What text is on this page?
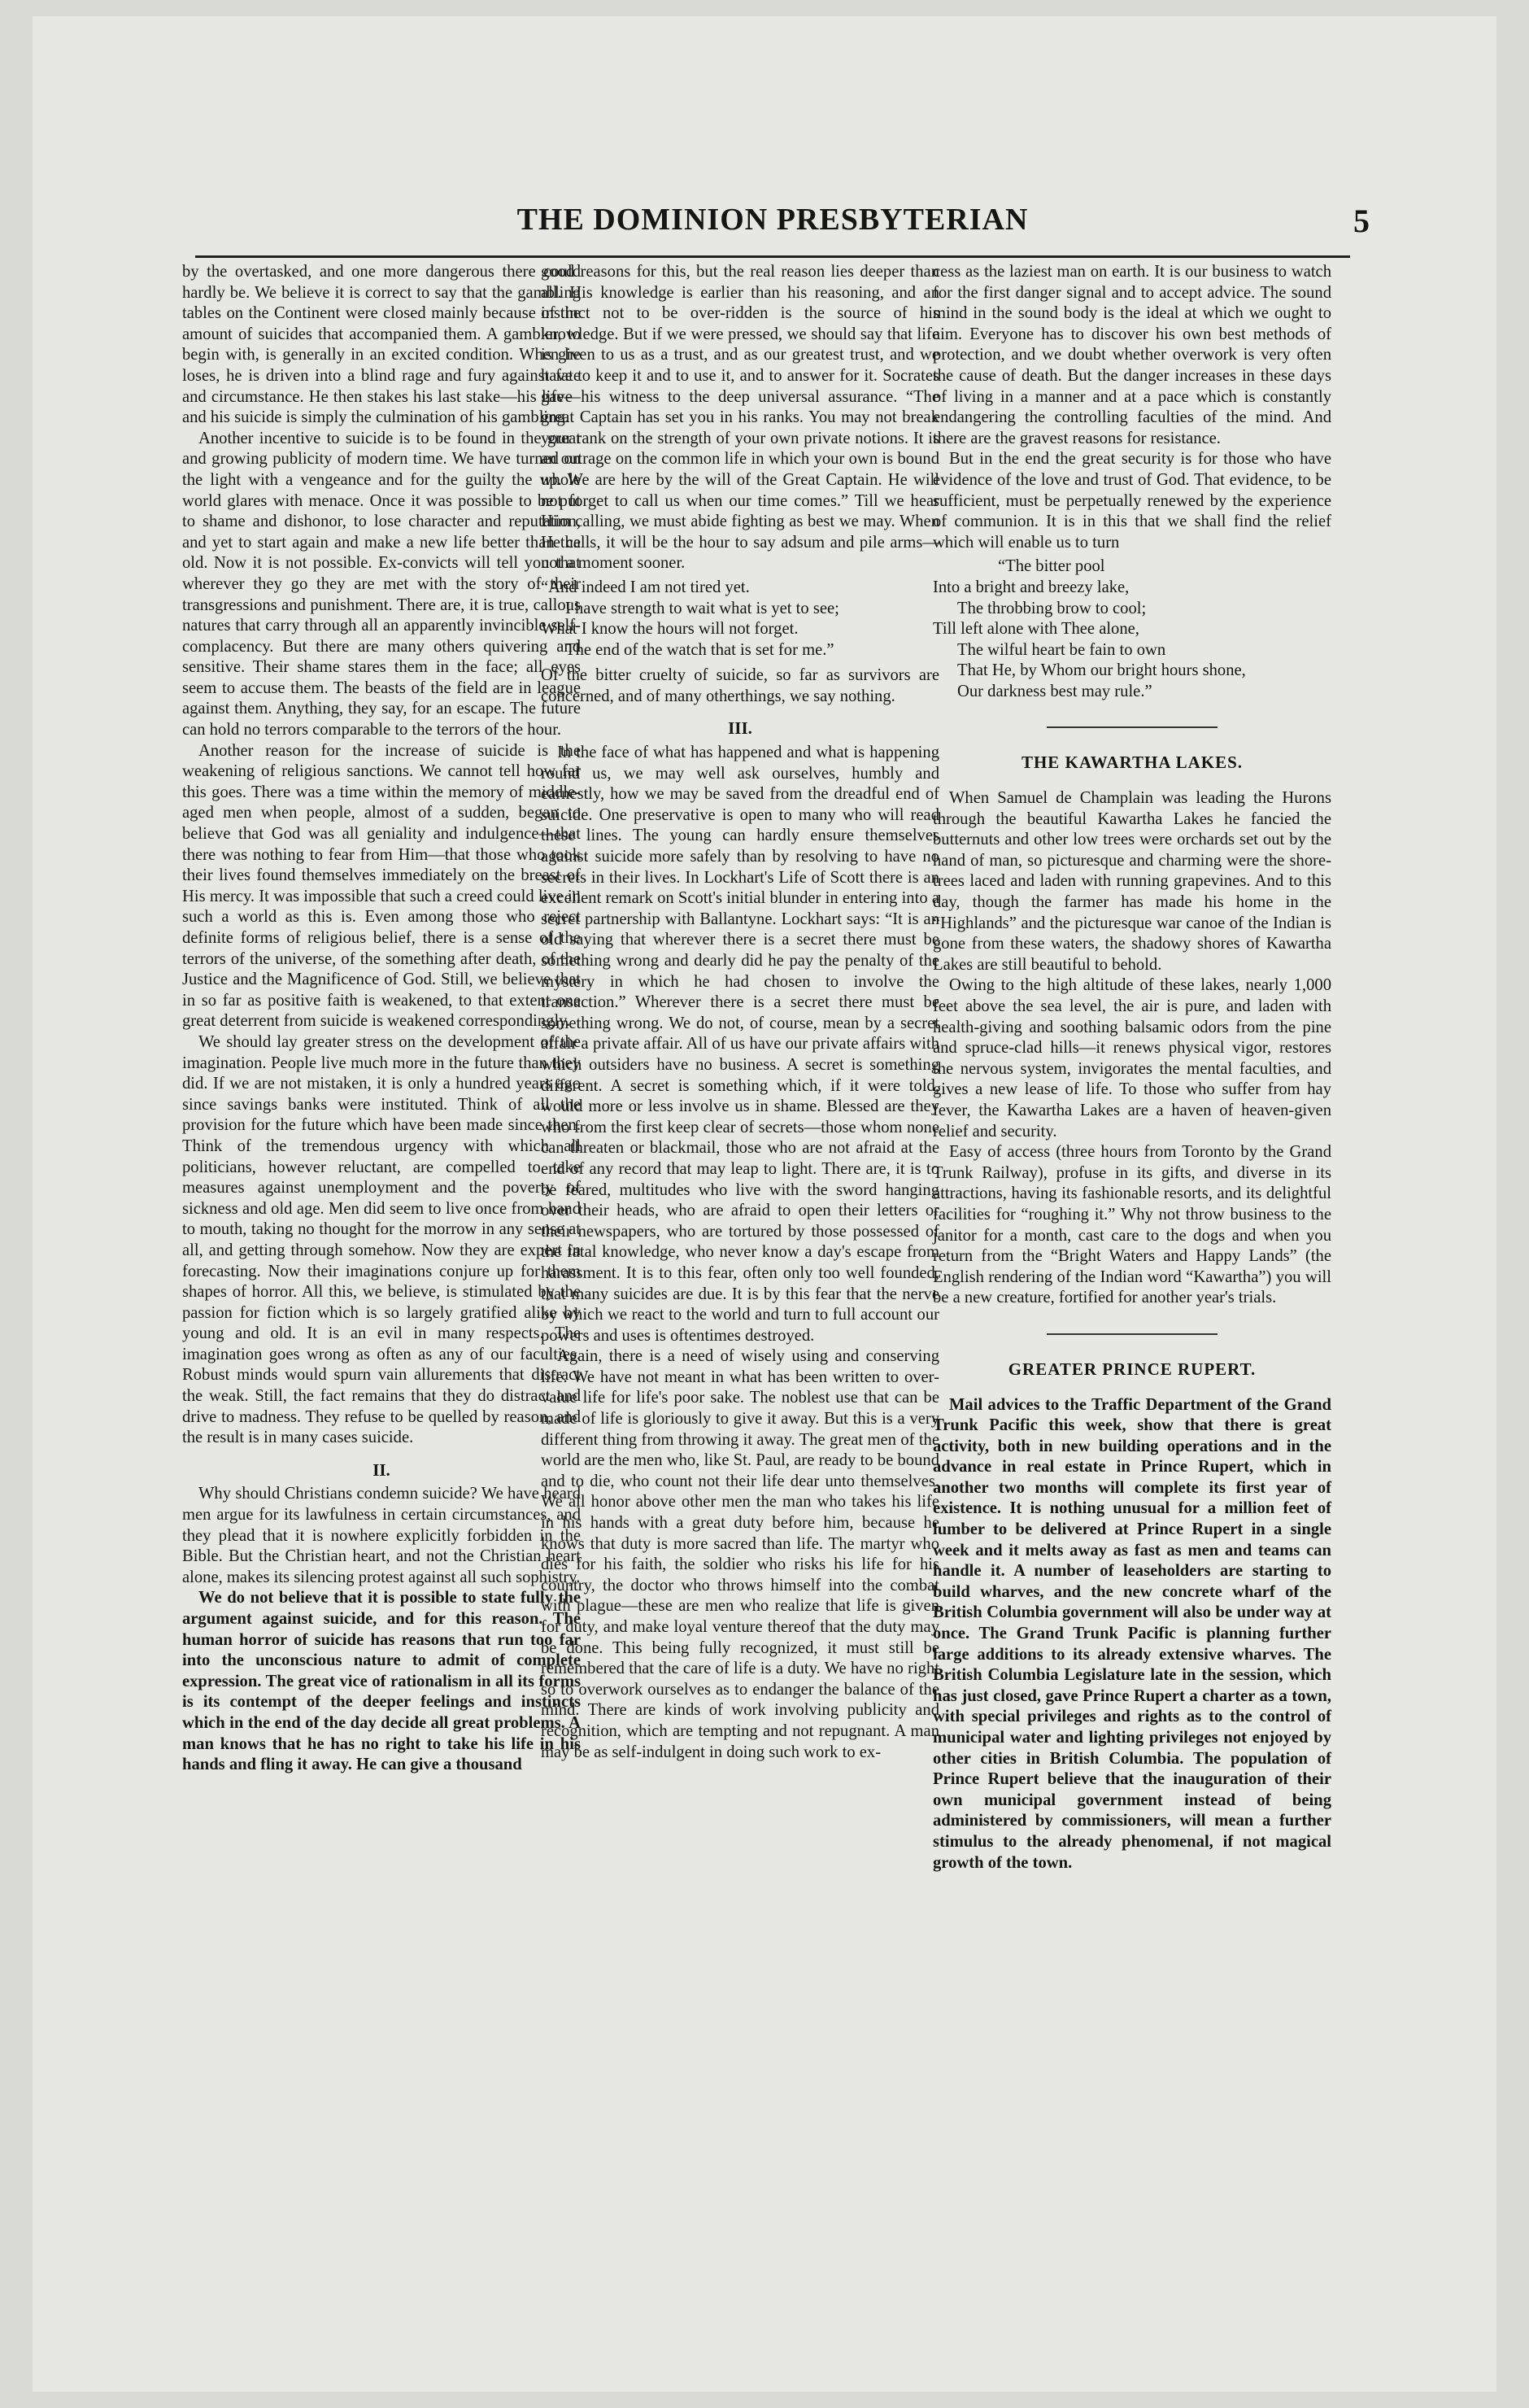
THE DOMINION PRESBYTERIAN	5

by the overtasked, and one more dangerous there could hardly be. We believe it is correct to say that the gambling tables on the Continent were closed mainly because of the amount of suicides that accompanied them. A gambler, to begin with, is generally in an excited condition. When he loses, he is driven into a blind rage and fury against fate and circumstance. He then stakes his last stake—his life—and his suicide is simply the culmination of his gambling.

Another incentive to suicide is to be found in the great and growing publicity of modern time. We have turned on the light with a vengeance and for the guilty the whole world glares with menace. Once it was possible to be put to shame and dishonor, to lose character and reputation, and yet to start again and make a new life better than the old. Now it is not possible. Ex-convicts will tell you that wherever they go they are met with the story of their transgressions and punishment. There are, it is true, callous natures that carry through all an apparently invincible self-complacency. But there are many others quivering and sensitive. Their shame stares them in the face; all eyes seem to accuse them. The beasts of the field are in league against them. Anything, they say, for an escape. The future can hold no terrors comparable to the terrors of the hour.

Another reason for the increase of suicide is the weakening of religious sanctions. We cannot tell how far this goes. There was a time within the memory of middle-aged men when people, almost of a sudden, began to believe that God was all geniality and indulgence—that there was nothing to fear from Him—that those who took their lives found themselves immediately on the breast of His mercy. It was impossible that such a creed could live in such a world as this is. Even among those who reject definite forms of religious belief, there is a sense of the terrors of the universe, of the something after death, of the Justice and the Magnificence of God. Still, we believe that in so far as positive faith is weakened, to that extent one great deterrent from suicide is weakened correspondingly.

We should lay greater stress on the development of the imagination. People live much more in the future than they did. If we are not mistaken, it is only a hundred years ago since savings banks were instituted. Think of all the provision for the future which have been made since then. Think of the tremendous urgency with which all politicians, however reluctant, are compelled to take measures against unemployment and the poverty of sickness and old age. Men did seem to live once from hand to mouth, taking no thought for the morrow in any sense at all, and getting through somehow. Now they are expert in forecasting. Now their imaginations conjure up for them shapes of horror. All this, we believe, is stimulated by the passion for fiction which is so largely gratified alike by young and old. It is an evil in many respects. The imagination goes wrong as often as any of our faculties. Robust minds would spurn vain allurements that distract the weak. Still, the fact remains that they do distract and drive to madness. They refuse to be quelled by reason, and the result is in many cases suicide.

II.

Why should Christians condemn suicide? We have heard men argue for its lawfulness in certain circumstances, and they plead that it is nowhere explicitly forbidden in the Bible. But the Christian heart, and not the Christian heart alone, makes its silencing protest against all such sophistry.

We do not believe that it is possible to state fully the argument against suicide, and for this reason. The human horror of suicide has reasons that run too far into the unconscious nature to admit of complete expression. The great vice of rationalism in all its forms is its contempt of the deeper feelings and instincts which in the end of the day decide all great problems. A man knows that he has no right to take his life in his hands and fling it away. He can give a thousand

good reasons for this, but the real reason lies deeper than all. His knowledge is earlier than his reasoning, and an instinct not to be over-ridden is the source of his knowledge. But if we were pressed, we should say that life is given to us as a trust, and as our greatest trust, and we have to keep it and to use it, and to answer for it. Socrates gave his witness to the deep universal assurance. “The great Captain has set you in his ranks. You may not break your rank on the strength of your own private notions. It is an outrage on the common life in which your own is bound up. We are here by the will of the Great Captain. He will not forget to call us when our time comes.” Till we hear Him calling, we must abide fighting as best we may. When He calls, it will be the hour to say adsum and pile arms—not a moment sooner.

“And indeed I am not tired yet.
I have strength to wait what is yet to see;
What I know the hours will not forget.
The end of the watch that is set for me.”

Of the bitter cruelty of suicide, so far as survivors are concerned, and of many otherthings, we say nothing.

III.

In the face of what has happened and what is happening round us, we may well ask ourselves, humbly and earnestly, how we may be saved from the dreadful end of suicide. One preservative is open to many who will read these lines. The young can hardly ensure themselves against suicide more safely than by resolving to have no secrets in their lives. In Lockhart's Life of Scott there is an excellent remark on Scott's initial blunder in entering into a secret partnership with Ballantyne. Lockhart says: “It is an old saying that wherever there is a secret there must be something wrong and dearly did he pay the penalty of the mystery in which he had chosen to involve the transaction.” Wherever there is a secret there must be something wrong. We do not, of course, mean by a secret affair a private affair. All of us have our private affairs with which outsiders have no business. A secret is something different. A secret is something which, if it were told, would more or less involve us in shame. Blessed are they who from the first keep clear of secrets—those whom none can threaten or blackmail, those who are not afraid at the end of any record that may leap to light. There are, it is to be feared, multitudes who live with the sword hanging over their heads, who are afraid to open their letters or their newspapers, who are tortured by those possessed of the fatal knowledge, who never know a day's escape from harassment. It is to this fear, often only too well founded, that many suicides are due. It is by this fear that the nerve by which we react to the world and turn to full account our powers and uses is oftentimes destroyed.

Again, there is a need of wisely using and conserving life. We have not meant in what has been written to over-value life for life's poor sake. The noblest use that can be made of life is gloriously to give it away. But this is a very different thing from throwing it away. The great men of the world are the men who, like St. Paul, are ready to be bound and to die, who count not their life dear unto themselves. We all honor above other men the man who takes his life in his hands with a great duty before him, because he knows that duty is more sacred than life. The martyr who dies for his faith, the soldier who risks his life for his country, the doctor who throws himself into the combat with plague—these are men who realize that life is given for duty, and make loyal venture thereof that the duty may be done. This being fully recognized, it must still be remembered that the care of life is a duty. We have no right so to overwork ourselves as to endanger the balance of the mind. There are kinds of work involving publicity and recognition, which are tempting and not repugnant. A man may be as self-indulgent in doing such work to ex-

cess as the laziest man on earth. It is our business to watch for the first danger signal and to accept advice. The sound mind in the sound body is the ideal at which we ought to aim. Everyone has to discover his own best methods of protection, and we doubt whether overwork is very often the cause of death. But the danger increases in these days of living in a manner and at a pace which is constantly endangering the controlling faculties of the mind. And there are the gravest reasons for resistance.

But in the end the great security is for those who have evidence of the love and trust of God. That evidence, to be sufficient, must be perpetually renewed by the experience of communion. It is in this that we shall find the relief which will enable us to turn

“The bitter pool
Into a bright and breezy lake,
The throbbing brow to cool;
Till left alone with Thee alone,
The wilful heart be fain to own
That He, by Whom our bright hours shone,
Our darkness best may rule.”
THE KAWARTHA LAKES.

When Samuel de Champlain was leading the Hurons through the beautiful Kawartha Lakes he fancied the butternuts and other low trees were orchards set out by the hand of man, so picturesque and charming were the shore-trees laced and laden with running grapevines. And to this day, though the farmer has made his home in the “Highlands” and the picturesque war canoe of the Indian is gone from these waters, the shadowy shores of Kawartha Lakes are still beautiful to behold.

Owing to the high altitude of these lakes, nearly 1,000 feet above the sea level, the air is pure, and laden with health-giving and soothing balsamic odors from the pine and spruce-clad hills—it renews physical vigor, restores the nervous system, invigorates the mental faculties, and gives a new lease of life. To those who suffer from hay fever, the Kawartha Lakes are a haven of heaven-given relief and security.

Easy of access (three hours from Toronto by the Grand Trunk Railway), profuse in its gifts, and diverse in its attractions, having its fashionable resorts, and its delightful facilities for “roughing it.” Why not throw business to the janitor for a month, cast care to the dogs and when you return from the “Bright Waters and Happy Lands” (the English rendering of the Indian word “Kawartha”) you will be a new creature, fortified for another year's trials.

GREATER PRINCE RUPERT.

Mail advices to the Traffic Department of the Grand Trunk Pacific this week, show that there is great activity, both in new building operations and in the advance in real estate in Prince Rupert, which in another two months will complete its first year of existence. It is nothing unusual for a million feet of lumber to be delivered at Prince Rupert in a single week and it melts away as fast as men and teams can handle it. A number of leaseholders are starting to build wharves, and the new concrete wharf of the British Columbia government will also be under way at once. The Grand Trunk Pacific is planning further large additions to its already extensive wharves. The British Columbia Legislature late in the session, which has just closed, gave Prince Rupert a charter as a town, with special privileges and rights as to the control of municipal water and lighting privileges not enjoyed by other cities in British Columbia. The population of Prince Rupert believe that the inauguration of their own municipal government instead of being administered by commissioners, will mean a further stimulus to the already phenomenal, if not magical growth of the town.
